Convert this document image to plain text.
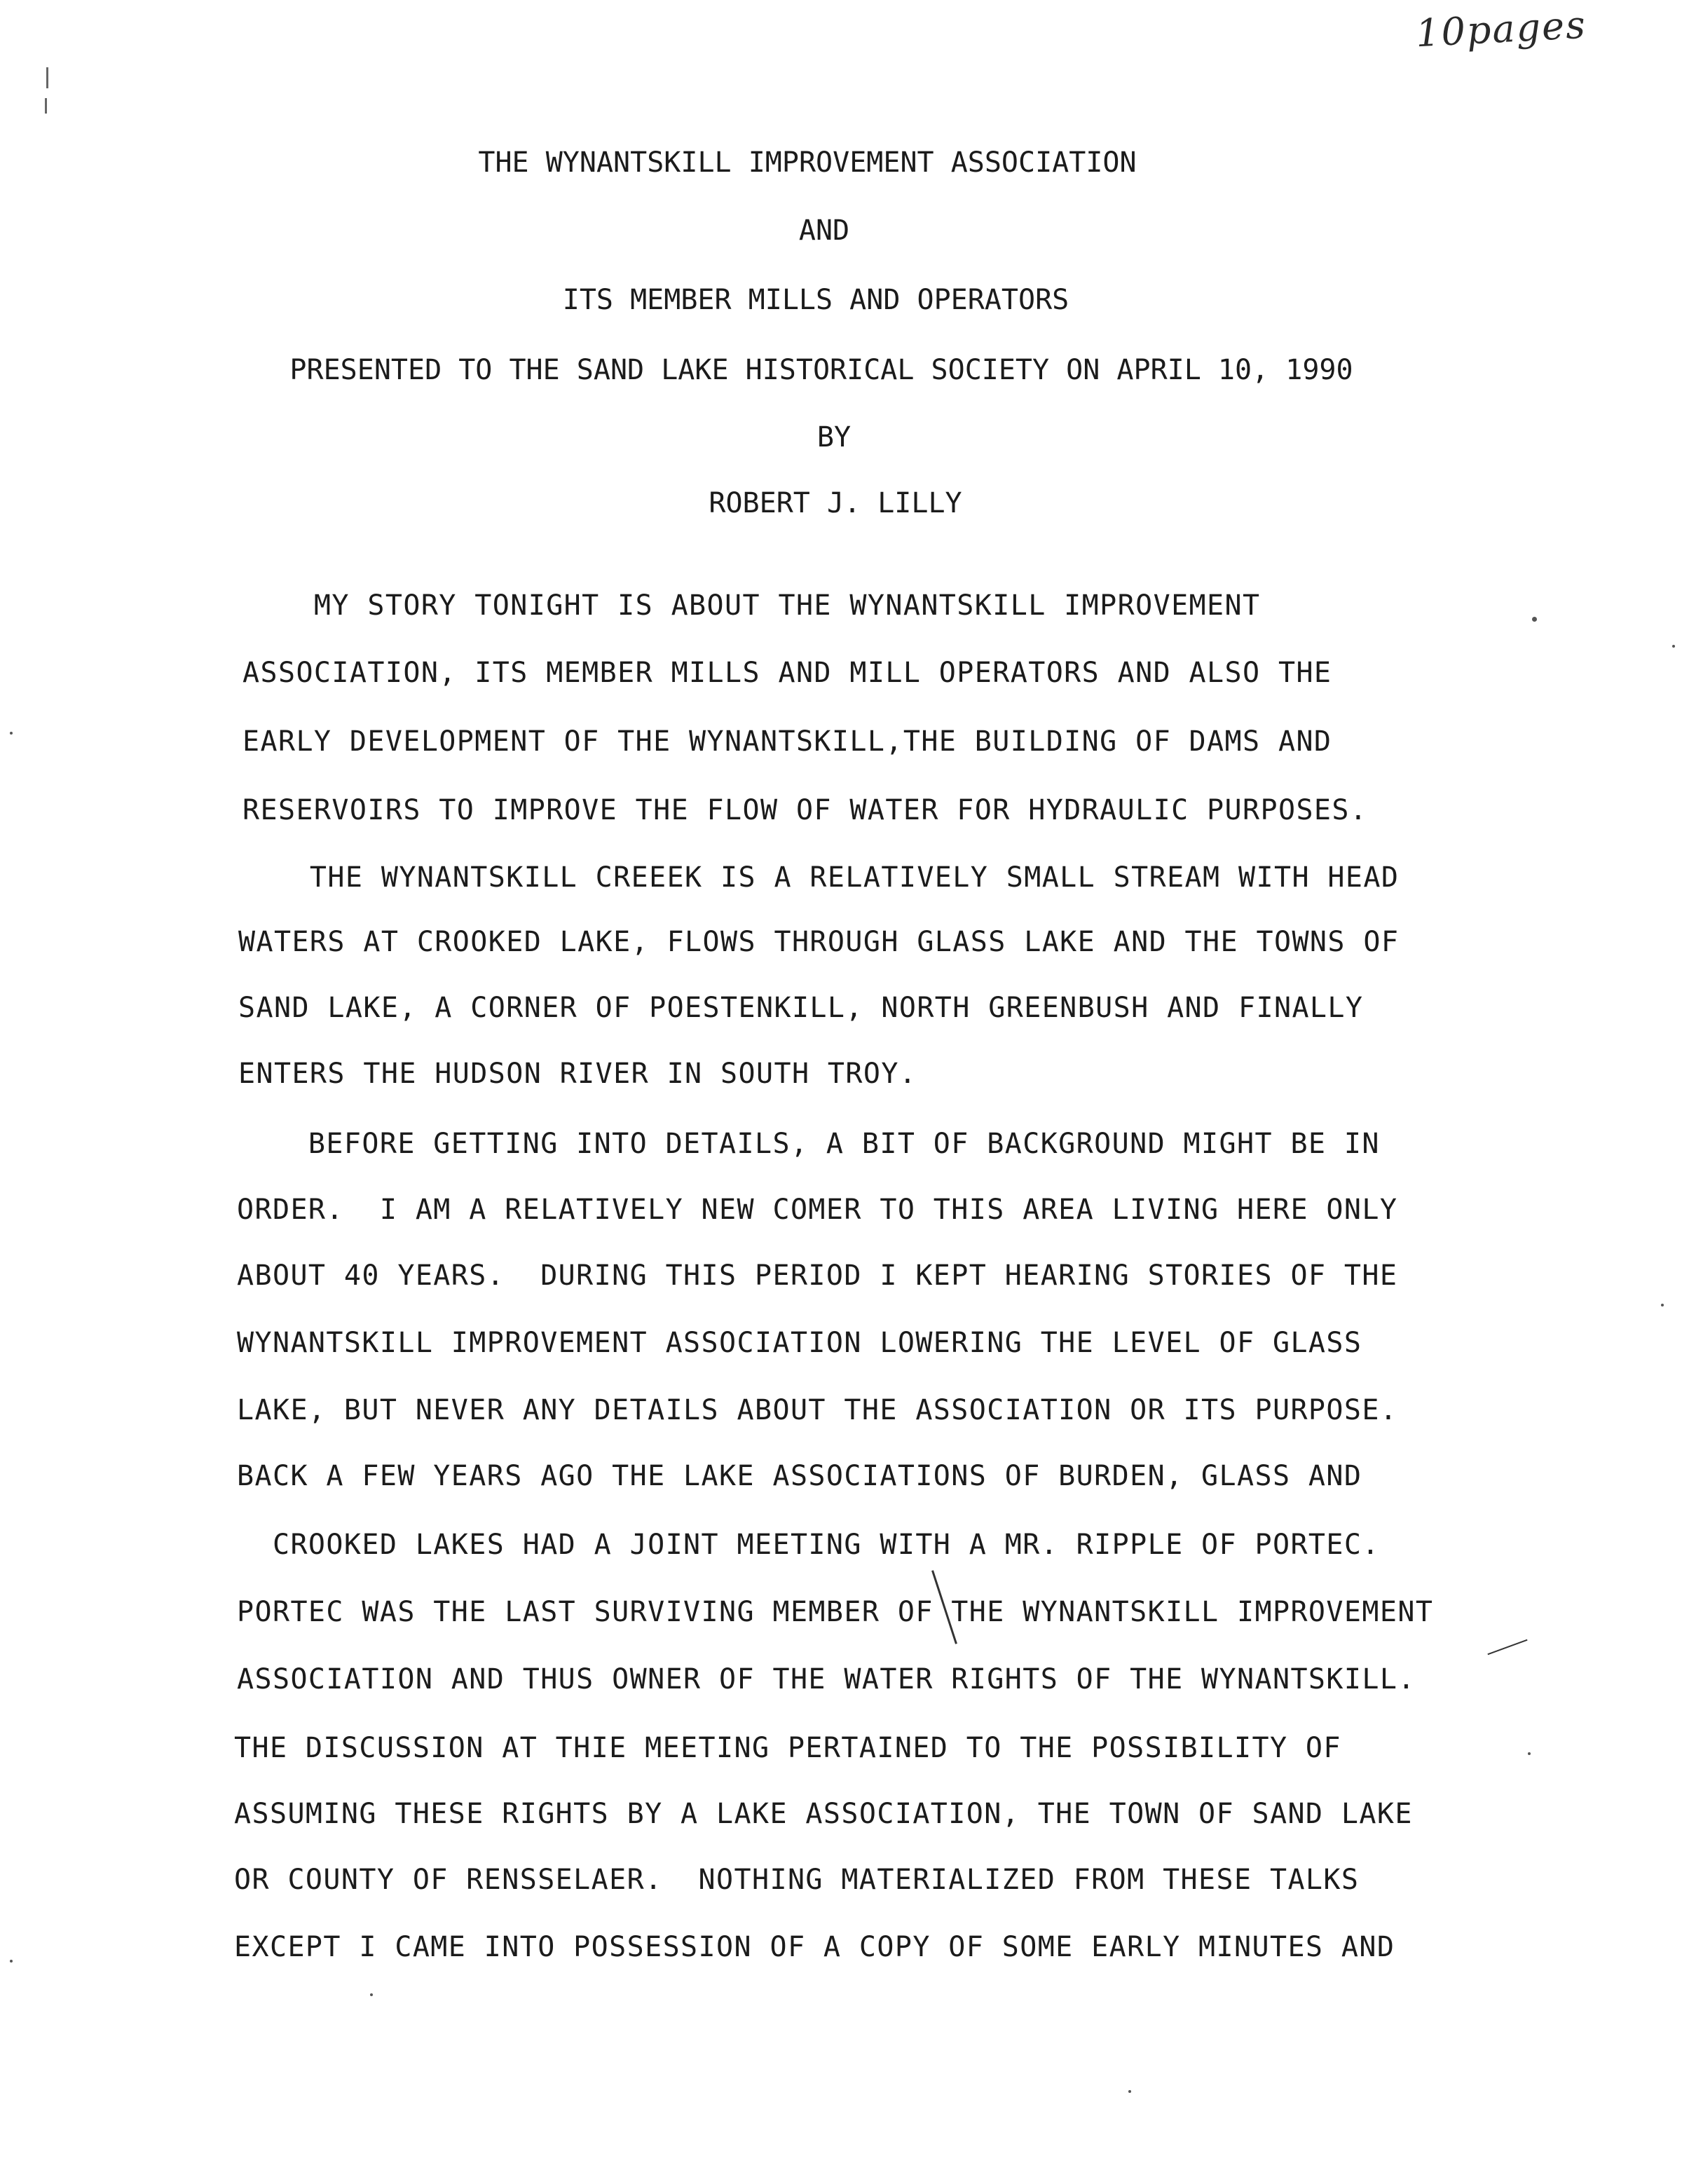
10pages
THE WYNANTSKILL IMPROVEMENT ASSOCIATION
AND
ITS MEMBER MILLS AND OPERATORS
PRESENTED TO THE SAND LAKE HISTORICAL SOCIETY ON APRIL 10, 1990
BY
ROBERT J. LILLY
MY STORY TONIGHT IS ABOUT THE WYNANTSKILL IMPROVEMENT
ASSOCIATION, ITS MEMBER MILLS AND MILL OPERATORS AND ALSO THE
EARLY DEVELOPMENT OF THE WYNANTSKILL,THE BUILDING OF DAMS AND
RESERVOIRS TO IMPROVE THE FLOW OF WATER FOR HYDRAULIC PURPOSES.
THE WYNANTSKILL CREEEK IS A RELATIVELY SMALL STREAM WITH HEAD
WATERS AT CROOKED LAKE, FLOWS THROUGH GLASS LAKE AND THE TOWNS OF
SAND LAKE, A CORNER OF POESTENKILL, NORTH GREENBUSH AND FINALLY
ENTERS THE HUDSON RIVER IN SOUTH TROY.
BEFORE GETTING INTO DETAILS, A BIT OF BACKGROUND MIGHT BE IN
ORDER.  I AM A RELATIVELY NEW COMER TO THIS AREA LIVING HERE ONLY
ABOUT 40 YEARS.  DURING THIS PERIOD I KEPT HEARING STORIES OF THE
WYNANTSKILL IMPROVEMENT ASSOCIATION LOWERING THE LEVEL OF GLASS
LAKE, BUT NEVER ANY DETAILS ABOUT THE ASSOCIATION OR ITS PURPOSE.
BACK A FEW YEARS AGO THE LAKE ASSOCIATIONS OF BURDEN, GLASS AND
CROOKED LAKES HAD A JOINT MEETING WITH A MR. RIPPLE OF PORTEC.
PORTEC WAS THE LAST SURVIVING MEMBER OF THE WYNANTSKILL IMPROVEMENT
ASSOCIATION AND THUS OWNER OF THE WATER RIGHTS OF THE WYNANTSKILL.
THE DISCUSSION AT THIE MEETING PERTAINED TO THE POSSIBILITY OF
ASSUMING THESE RIGHTS BY A LAKE ASSOCIATION, THE TOWN OF SAND LAKE
OR COUNTY OF RENSSELAER.  NOTHING MATERIALIZED FROM THESE TALKS
EXCEPT I CAME INTO POSSESSION OF A COPY OF SOME EARLY MINUTES AND
